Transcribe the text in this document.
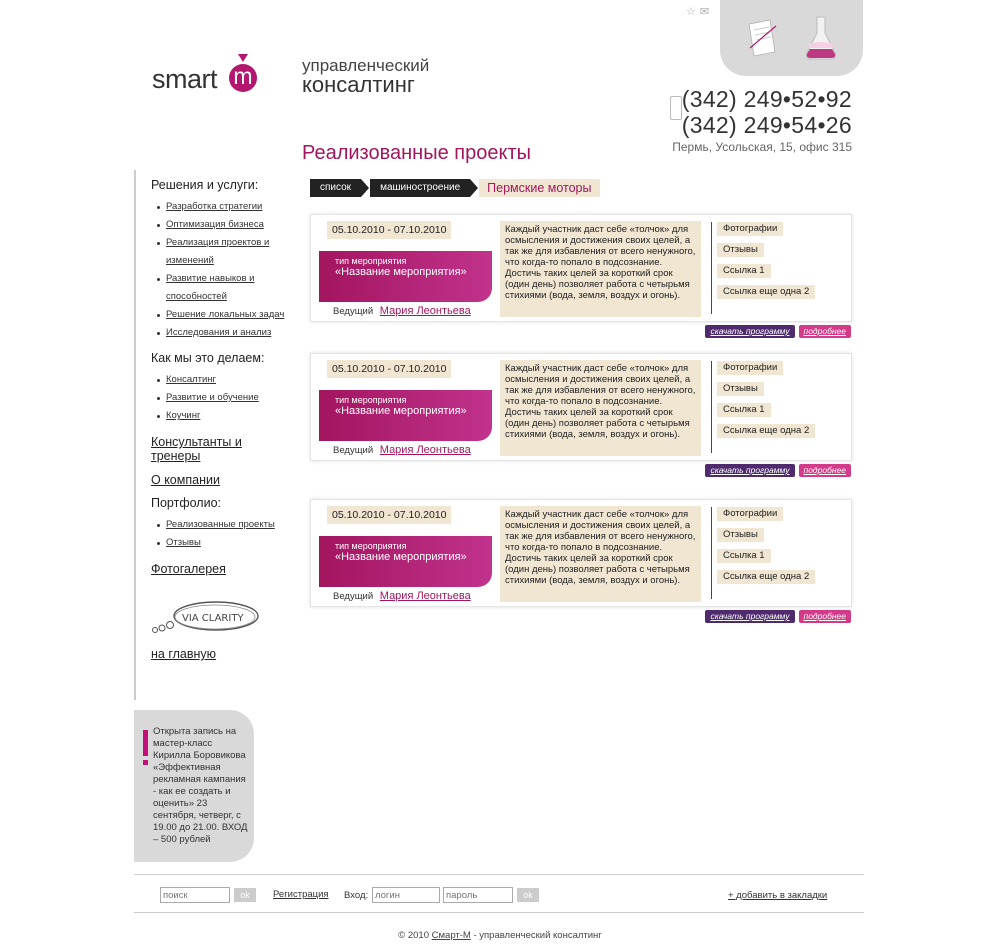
☆✉
smart m	управленческий
консалтинг
(342) 249•52•92
(342) 249•54•26
Пермь, Усольская, 15, офис 315
Реализованные проекты
Решения и услуги:
Разработка стратегии
Оптимизация бизнеса
Реализация проектов и изменений
Развитие навыков и способностей
Решение локальных задач
Исследования и анализ
Как мы это делаем:
Консалтинг
Развитие и обучение
Коучинг
Консультанты и тренеры
О компании
Портфолио:
Реализованные проекты
Отзывы
Фотогалерея
VIA CLARITY
на главную
Открыта запись на мастер-класс Кирилла Боровикова «Эффективная рекламная кампания - как ее создать и оценить» 23 сентября, четверг, с 19.00 до 21.00. ВХОД – 500 рублей
список	машиностроение	Пермские моторы
05.10.2010 - 07.10.2010
тип мероприятия
«Название мероприятия»
Ведущий Мария Леонтьева
Каждый участник даст себе «толчок» для осмысления и достижения своих целей, а так же для избавления от всего ненужного, что когда-то попало в подсознание. Достичь таких целей за короткий срок (один день) позволяет работа с четырьмя стихиями (вода, земля, воздух и огонь).
Фотографии
Отзывы
Ссылка 1
Ссылка еще одна 2
скачать программу	подробнее
05.10.2010 - 07.10.2010
тип мероприятия
«Название мероприятия»
Ведущий Мария Леонтьева
Каждый участник даст себе «толчок» для осмысления и достижения своих целей, а так же для избавления от всего ненужного, что когда-то попало в подсознание. Достичь таких целей за короткий срок (один день) позволяет работа с четырьмя стихиями (вода, земля, воздух и огонь).
Фотографии
Отзывы
Ссылка 1
Ссылка еще одна 2
скачать программу	подробнее
05.10.2010 - 07.10.2010
тип мероприятия
«Название мероприятия»
Ведущий Мария Леонтьева
Каждый участник даст себе «толчок» для осмысления и достижения своих целей, а так же для избавления от всего ненужного, что когда-то попало в подсознание. Достичь таких целей за короткий срок (один день) позволяет работа с четырьмя стихиями (вода, земля, воздух и огонь).
Фотографии
Отзывы
Ссылка 1
Ссылка еще одна 2
скачать программу	подробнее
поиск
ok	Регистрация Вход:
логин
пароль	ok	+ добавить в закладки
© 2010 Смарт-М - управленческий консалтинг
